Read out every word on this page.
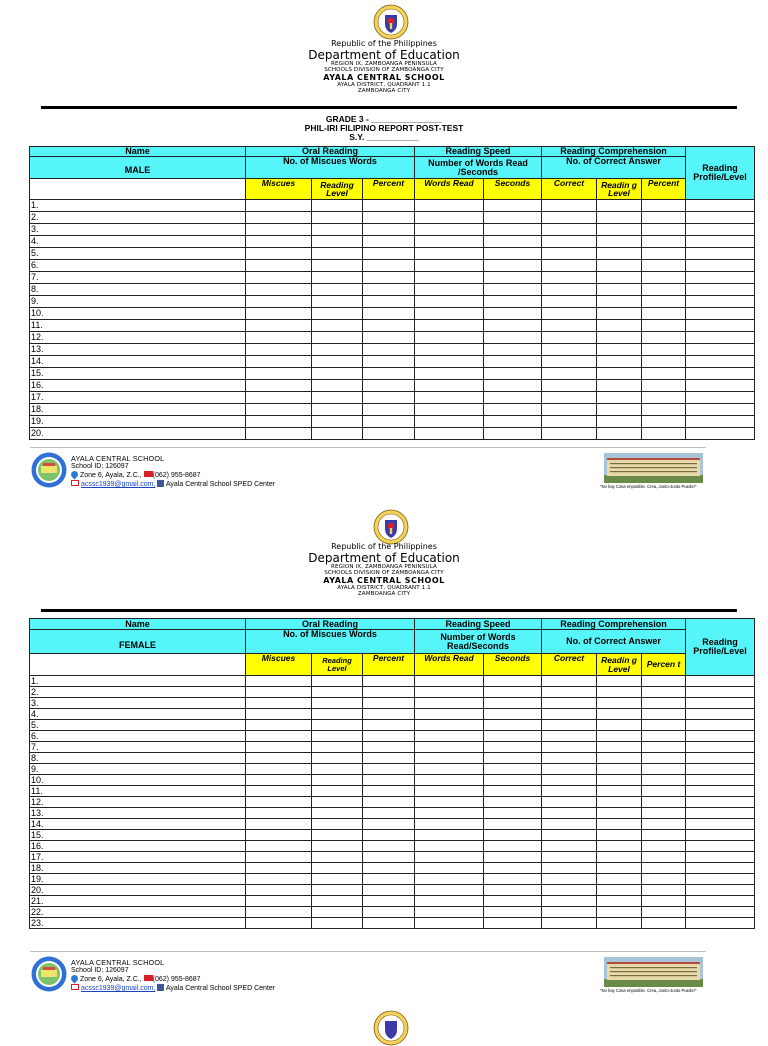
Republic of the Philippines
Department of Education
REGION IX, ZAMBOANGA PENINSULA
SCHOOLS DIVISION OF ZAMBOANGA CITY
AYALA CENTRAL SCHOOL
AYALA DISTRICT, QUADRANT 1.1
ZAMBOANGA CITY
GRADE 3 - _______________
PHIL-IRI FILIPINO REPORT POST-TEST
S.Y. ___________
Name	Oral Reading			Reading Speed		Reading Comprehension			Reading Profile/Level
MALE	No. of Miscues Words			Number of Words Read /Seconds		No. of Correct Answer			
	Miscues	Reading Level	Percent	Words Read	Seconds	Correct	Readin g Level	Percent	
1.									
2.									
3.									
4.									
5.									
6.									
7.									
8.									
9.									
10.									
11.									
12.									
13.									
14.									
15.									
16.									
17.									
18.									
19.									
20.									
AYALA CENTRAL SCHOOL
School ID: 126097
Zone 6, Ayala, Z.C., (062) 955-8687
acssc1939@gmail.com, Ayala Central School SPED Center	"No hay Cosa Imposible. Crea, Junto-Junto Puede!"
Republic of the Philippines
Department of Education
REGION IX, ZAMBOANGA PENINSULA
SCHOOLS DIVISION OF ZAMBOANGA CITY
AYALA CENTRAL SCHOOL
AYALA DISTRICT, QUADRANT 1.1
ZAMBOANGA CITY
Name	Oral Reading			Reading Speed		Reading Comprehension			Reading Profile/Level
FEMALE	No. of Miscues Words			Number of Words Read/Seconds		No. of Correct Answer			
	Miscues	Reading Level	Percent	Words Read	Seconds	Correct	Readin g Level	Percen t	
1.									
2.									
3.									
4.									
5.									
6.									
7.									
8.									
9.									
10.									
11.									
12.									
13.									
14.									
15.									
16.									
17.									
18.									
19.									
20.									
21.									
22.									
23.									
AYALA CENTRAL SCHOOL
School ID: 126097
Zone 6, Ayala, Z.C., (062) 955-8687
acssc1939@gmail.com, Ayala Central School SPED Center	"No hay Cosa Imposible. Crea, Junto-Junto Puede!"
